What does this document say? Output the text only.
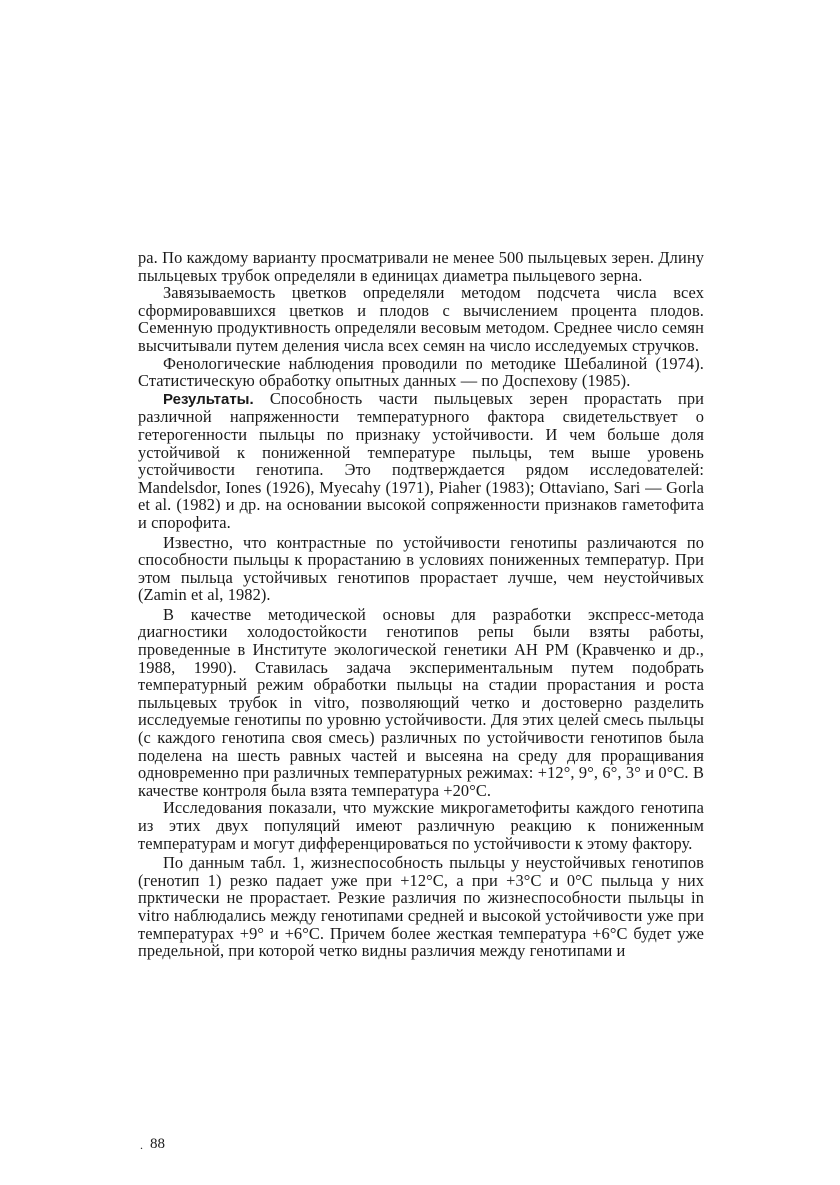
ра. По каждому варианту просматривали не менее 500 пыльцевых зерен. Длину пыльцевых трубок определяли в единицах диаметра пыльцевого зерна.

Завязываемость цветков определяли методом подсчета числа всех сформировавшихся цветков и плодов с вычислением процента плодов. Семенную продуктивность определяли весовым методом. Среднее число семян высчитывали путем деления числа всех семян на число исследуемых стручков.

Фенологические наблюдения проводили по методике Шебалиной (1974). Статистическую обработку опытных данных — по Доспехову (1985).

Результаты. Способность части пыльцевых зерен прорастать при различной напряженности температурного фактора свидетельствует о гетерогенности пыльцы по признаку устойчивости. И чем больше доля устойчивой к пониженной температуре пыльцы, тем выше уровень устойчивости генотипа. Это подтверждается рядом исследователей: Mandelsdor, Iones (1926), Myecahy (1971), Piaher (1983); Ottaviano, Sari — Gorla et al. (1982) и др. на основании высокой сопряженности признаков гаметофита и спорофита.

Известно, что контрастные по устойчивости генотипы различаются по способности пыльцы к прорастанию в условиях пониженных температур. При этом пыльца устойчивых генотипов прорастает лучше, чем неустойчивых (Zamin et al, 1982).

В качестве методической основы для разработки экспресс-метода диагностики холодостойкости генотипов репы были взяты работы, проведенные в Институте экологической генетики АН РМ (Кравченко и др., 1988, 1990). Ставилась задача экспериментальным путем подобрать температурный режим обработки пыльцы на стадии прорастания и роста пыльцевых трубок in vitro, позволяющий четко и достоверно разделить исследуемые генотипы по уровню устойчивости. Для этих целей смесь пыльцы (с каждого генотипа своя смесь) различных по устойчивости генотипов была поделена на шесть равных частей и высеяна на среду для проращивания одновременно при различных температурных режимах: +12°, 9°, 6°, 3° и 0°С. В качестве контроля была взята температура +20°С.

Исследования показали, что мужские микрогаметофиты каждого генотипа из этих двух популяций имеют различную реакцию к пониженным температурам и могут дифференцироваться по устойчивости к этому фактору.

По данным табл. 1, жизнеспособность пыльцы у неустойчивых генотипов (генотип 1) резко падает уже при +12°С, а при +3°С и 0°С пыльца у них прктически не прорастает. Резкие различия по жизнеспособности пыльцы in vitro наблюдались между генотипами средней и высокой устойчивости уже при температурах +9° и +6°С. Причем более жесткая температура +6°С будет уже предельной, при которой четко видны различия между генотипами и

. 88
